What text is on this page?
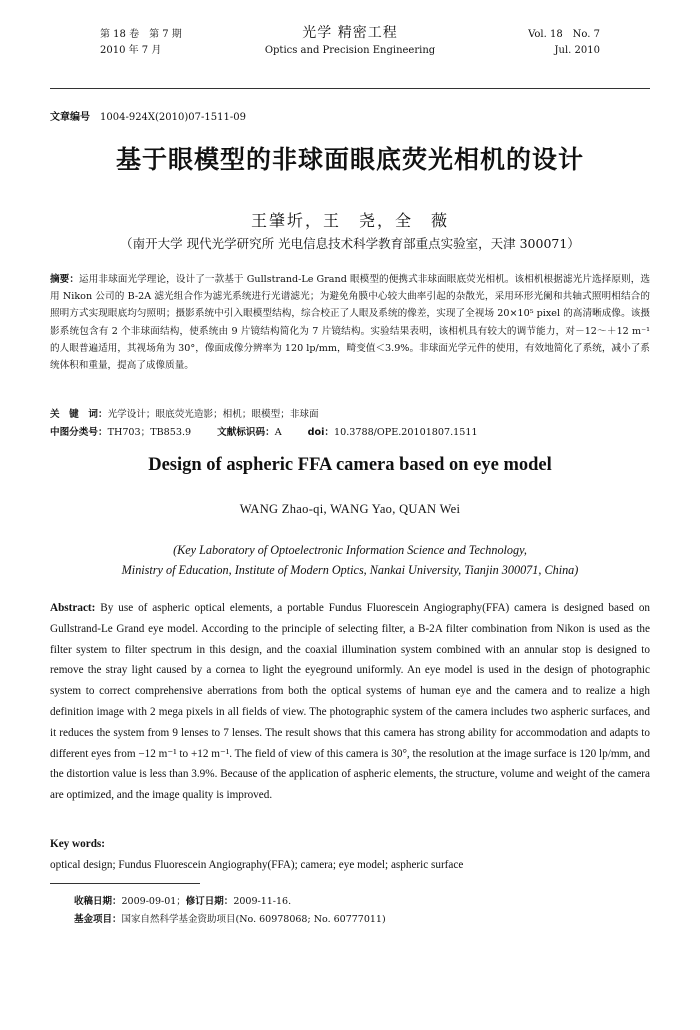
第 18 卷　第 7 期
2010 年 7 月
光学 精密工程
Optics and Precision Engineering
Vol. 18　No. 7
Jul. 2010
文章编号 1004-924X(2010)07-1511-09
基于眼模型的非球面眼底荧光相机的设计
王肇圻，王　尧，全　薇
（南开大学 现代光学研究所 光电信息技术科学教育部重点实验室，天津 300071）
摘要：运用非球面光学理论，设计了一款基于 Gullstrand-Le Grand 眼模型的便携式非球面眼底荧光相机。该相机根据滤光片选择原则，选用 Nikon 公司的 B-2A 滤光组合作为滤光系统进行光谱滤光；为避免角膜中心较大曲率引起的杂散光，采用环形光阑和共轴式照明相结合的照明方式实现眼底均匀照明；摄影系统中引入眼模型结构，综合校正了人眼及系统的像差，实现了全视场 20×10⁵ pixel 的高清晰成像。该摄影系统包含有 2 个非球面结构，使系统由 9 片镜结构简化为 7 片镜结构。实验结果表明，该相机具有较大的调节能力，对－12～＋12 m⁻¹ 的人眼普遍适用，其视场角为 30°，像面成像分辨率为 120 lp/mm，畸变值＜3.9%。非球面光学元件的使用，有效地简化了系统，减小了系统体积和重量，提高了成像质量。
关　键　词：光学设计；眼底荧光造影；相机；眼模型；非球面
中图分类号：TH703；TB853.9	文献标识码：A	doi：10.3788/OPE.20101807.1511
Design of aspheric FFA camera based on eye model
WANG Zhao-qi, WANG Yao, QUAN Wei
(Key Laboratory of Optoelectronic Information Science and Technology,
Ministry of Education, Institute of Modern Optics, Nankai University, Tianjin 300071, China)
Abstract: By use of aspheric optical elements, a portable Fundus Fluorescein Angiography(FFA) camera is designed based on Gullstrand-Le Grand eye model. According to the principle of selecting filter, a B-2A filter combination from Nikon is used as the filter system to filter spectrum in this design, and the coaxial illumination system combined with an annular stop is designed to remove the stray light caused by a cornea to light the eyeground uniformly. An eye model is used in the design of photographic system to correct comprehensive aberrations from both the optical systems of human eye and the camera and to realize a high definition image with 2 mega pixels in all fields of view. The photographic system of the camera includes two aspheric surfaces, and it reduces the system from 9 lenses to 7 lenses. The result shows that this camera has strong ability for accommodation and adapts to different eyes from −12 m⁻¹ to +12 m⁻¹. The field of view of this camera is 30°, the resolution at the image surface is 120 lp/mm, and the distortion value is less than 3.9%. Because of the application of aspheric elements, the structure, volume and weight of the camera are optimized, and the image quality is improved.
Key words: optical design; Fundus Fluorescein Angiography(FFA); camera; eye model; aspheric surface
收稿日期：2009-09-01；修订日期：2009-11-16.
基金项目：国家自然科学基金资助项目(No. 60978068; No. 60777011)
